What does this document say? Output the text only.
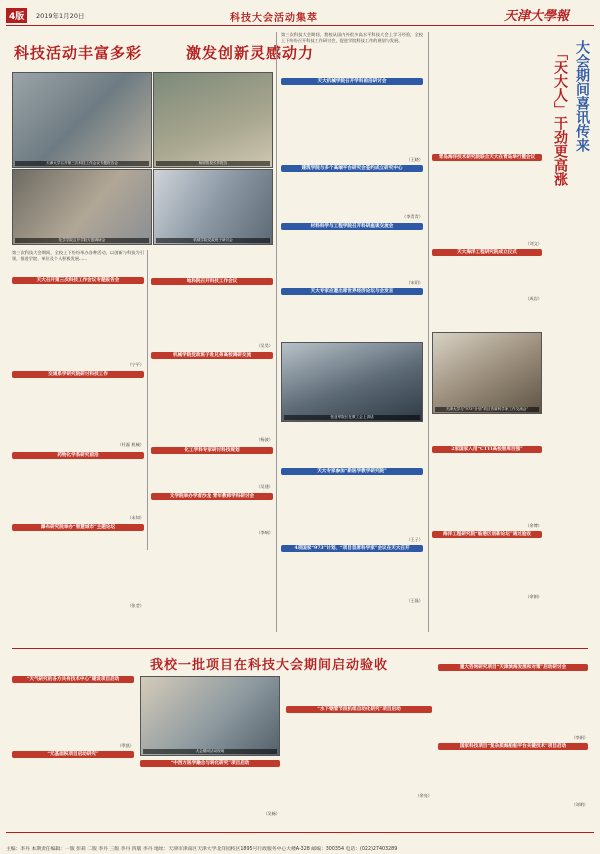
4版	2019年1月20日	科技大会活动集萃	天津大學報
科技活动丰富多彩	激发创新灵感动力
天津大学召开第三次科技工作会议专题报告会	杨树智校长作报告
化学学院召开学院专题调研会	机械学院党政班子研讨会
第三次科技大会期间，全校上下纷纷举办各种活动，以创新与科技为引领，推进学院、单位及个人积极发展......
天大召开第三次科技工作会议专题报告会

（宁平）
交通系学研究院研讨科技工作

（杜磊 机械）
药物化学系研究前沿

（未知）
瀑布研究院举办“智慧城市”主题论坛

（张莹）

地科院召开科技工作会议

（吴昊）
机械学院党政班子赴兄弟高校调研交流

（杨波）
化工学科专家研讨科技规划

（吴建）
文学院举办学者沙龙 青年教师学科研讨会

（李响）
第三次科技大会期间，我校从国内外很多高水平科技大会上学习经验，全校上下纷纷召开科技工作研讨会，促进学院科技工作的规划与发展。
天大机械学院召开学科前沿研讨会

（王晓）
建筑学院与多个高端平台研究会签约成立研究中心

（李青青）
材料科学与工程学院召开科研座谈交流会

（宋玥）
天大专家应邀出席世界经济论坛与会发言
张亚军院长在教工会上讲话

天大专家参加“新医学教学研究院”

（王子）
4项国家“973”计划、“项目首席科学家”会议在天大召开

（王磊）

青岛海洋技术研究院联合天大在青岛举行暨会议

（刘文）
天大海洋工程研究院成立仪式

（成岩）
天津大学与“973”计划“项目首席科学家工作交流会”

2家国家入用“CTTI高校智库百强”

（余博）
海洋工程研究院“临港区创新论坛”通过验收

（余娟）
大会期间喜讯传来
「天大人」干劲更高涨
我校一批项目在科技大会期间启动验收
“天气研究的各方共有技术中心”建设项目启动

（季凯）
“元基面积项目启动研究”

大会期间活动现场
“中西方医学融合与转化研究”项目启动

（吴畅）

“水下钢管节段机组自动化研究”项目启动

（余亮）
重大咨询研究项目“天津滨海发展和对策”启动研讨会

（李娟）
国家科技项目“复杂质海船舶平台关键技术”项目启动

（刘明）
主编：李丹 本期责任编辑：一版 彭莉 二版 李丹 三版 李丹 四版 李丹 地址：天津市津南区天津大学北洋园校区1895号行政服务中心大楼A-328 邮编：300354 电话：(022)27403289
